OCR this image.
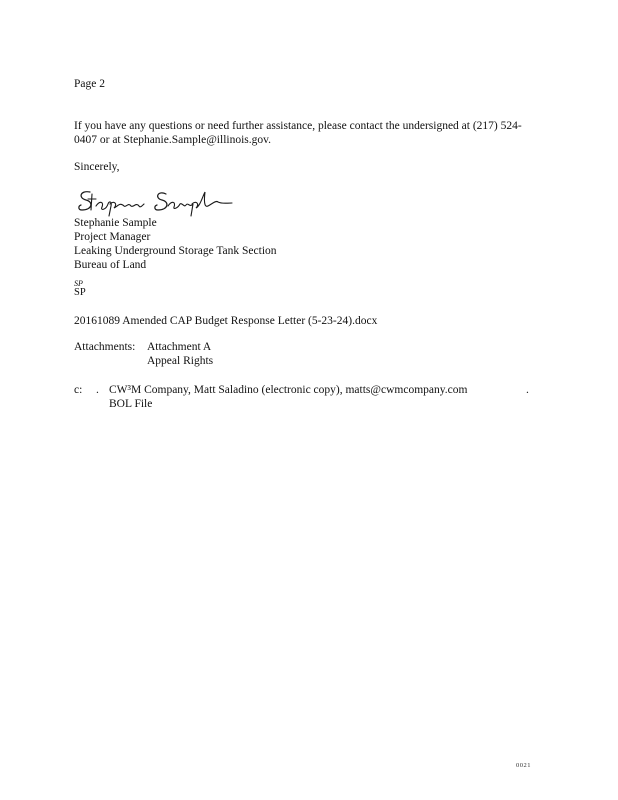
Page 2
If you have any questions or need further assistance, please contact the undersigned at (217) 524-
0407 or at Stephanie.Sample@illinois.gov.
Sincerely,
Stephanie Sample
Project Manager
Leaking Underground Storage Tank Section
Bureau of Land
SP
SP
20161089 Amended CAP Budget Response Letter (5-23-24).docx
Attachments: Attachment A
Appeal Rights
c: . CW³M Company, Matt Saladino (electronic copy), matts@cwmcompany.com
BOL File
.
0021
